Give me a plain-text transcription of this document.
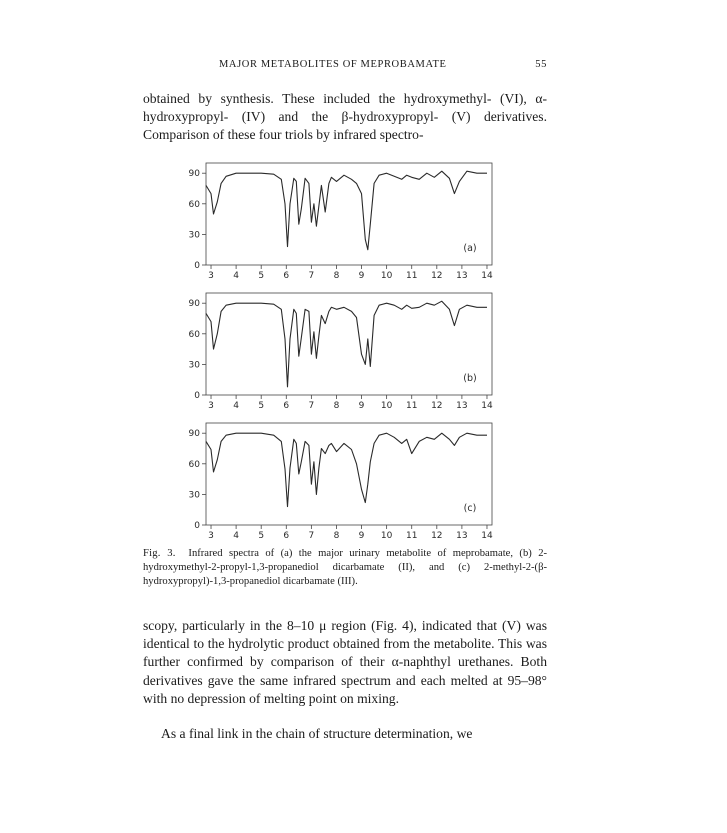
MAJOR METABOLITES OF MEPROBAMATE	55

obtained by synthesis. These included the hydroxymethyl- (VI), α-hydroxypropyl- (IV) and the β-hydroxypropyl- (V) derivatives. Comparison of these four triols by infrared spectro-

0
30
60
90
3 4 5 6 7 8 9 10 11 12 13 14
(a)
0
30
60
90
3 4 5 6 7 8 9 10 11 12 13 14
(b)
0
30
60
90
3 4 5 6 7 8 9 10 11 12 13 14
(c)

Fig. 3. Infrared spectra of (a) the major urinary metabolite of meprobamate, (b) 2-hydroxymethyl-2-propyl-1,3-propanediol dicarbamate (II), and (c) 2-methyl-2-(β-hydroxypropyl)-1,3-propanediol dicarbamate (III).

scopy, particularly in the 8–10 μ region (Fig. 4), indicated that (V) was identical to the hydrolytic product obtained from the metabolite. This was further confirmed by comparison of their α-naphthyl urethanes. Both derivatives gave the same infrared spectrum and each melted at 95–98° with no depression of melting point on mixing.

As a final link in the chain of structure determination, we
